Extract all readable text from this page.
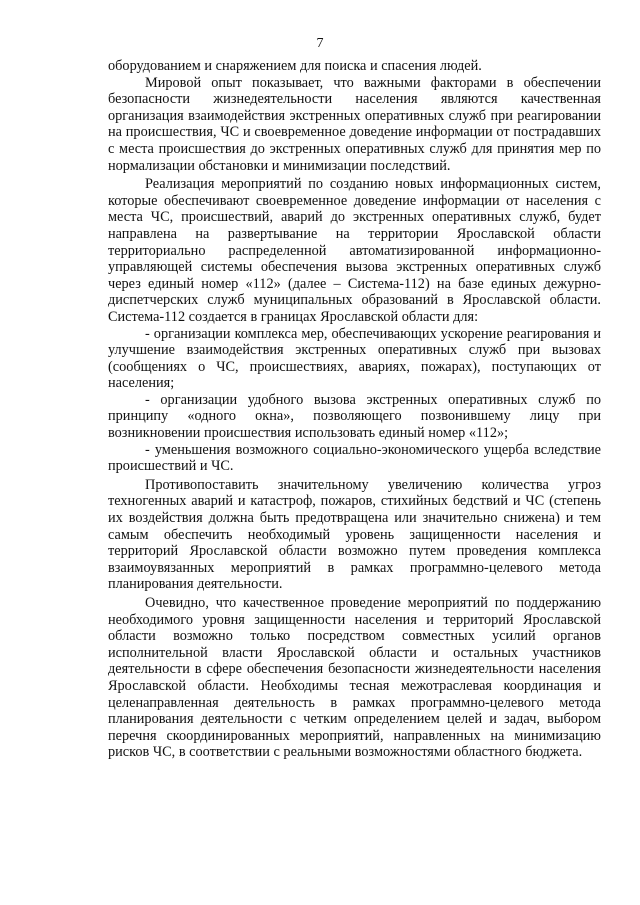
7

оборудованием и снаряжением для поиска и спасения людей.

Мировой опыт показывает, что важными факторами в обеспечении безопасности жизнедеятельности населения являются качественная организация взаимодействия экстренных оперативных служб при реагировании на происшествия, ЧС и своевременное доведение информации от пострадавших с места происшествия до экстренных оперативных служб для принятия мер по нормализации обстановки и минимизации последствий.

Реализация мероприятий по созданию новых информационных систем, которые обеспечивают своевременное доведение информации от населения с места ЧС, происшествий, аварий до экстренных оперативных служб, будет направлена на развертывание на территории Ярославской области территориально распределенной автоматизированной информационно-управляющей системы обеспечения вызова экстренных оперативных служб через единый номер «112» (далее – Система-112) на базе единых дежурно-диспетчерских служб муниципальных образований в Ярославской области. Система-112 создается в границах Ярославской области для:

- организации комплекса мер, обеспечивающих ускорение реагирования и улучшение взаимодействия экстренных оперативных служб при вызовах (сообщениях о ЧС, происшествиях, авариях, пожарах), поступающих от населения;

- организации удобного вызова экстренных оперативных служб по принципу «одного окна», позволяющего позвонившему лицу при возникновении происшествия использовать единый номер «112»;

- уменьшения возможного социально-экономического ущерба вследствие происшествий и ЧС.

Противопоставить значительному увеличению количества угроз техногенных аварий и катастроф, пожаров, стихийных бедствий и ЧС (степень их воздействия должна быть предотвращена или значительно снижена) и тем самым обеспечить необходимый уровень защищенности населения и территорий Ярославской области возможно путем проведения комплекса взаимоувязанных мероприятий в рамках программно-целевого метода планирования деятельности.

Очевидно, что качественное проведение мероприятий по поддержанию необходимого уровня защищенности населения и территорий Ярославской области возможно только посредством совместных усилий органов исполнительной власти Ярославской области и остальных участников деятельности в сфере обеспечения безопасности жизнедеятельности населения Ярославской области. Необходимы тесная межотраслевая координация и целенаправленная деятельность в рамках программно-целевого метода планирования деятельности с четким определением целей и задач, выбором перечня скоординированных мероприятий, направленных на минимизацию рисков ЧС, в соответствии с реальными возможностями областного бюджета.
